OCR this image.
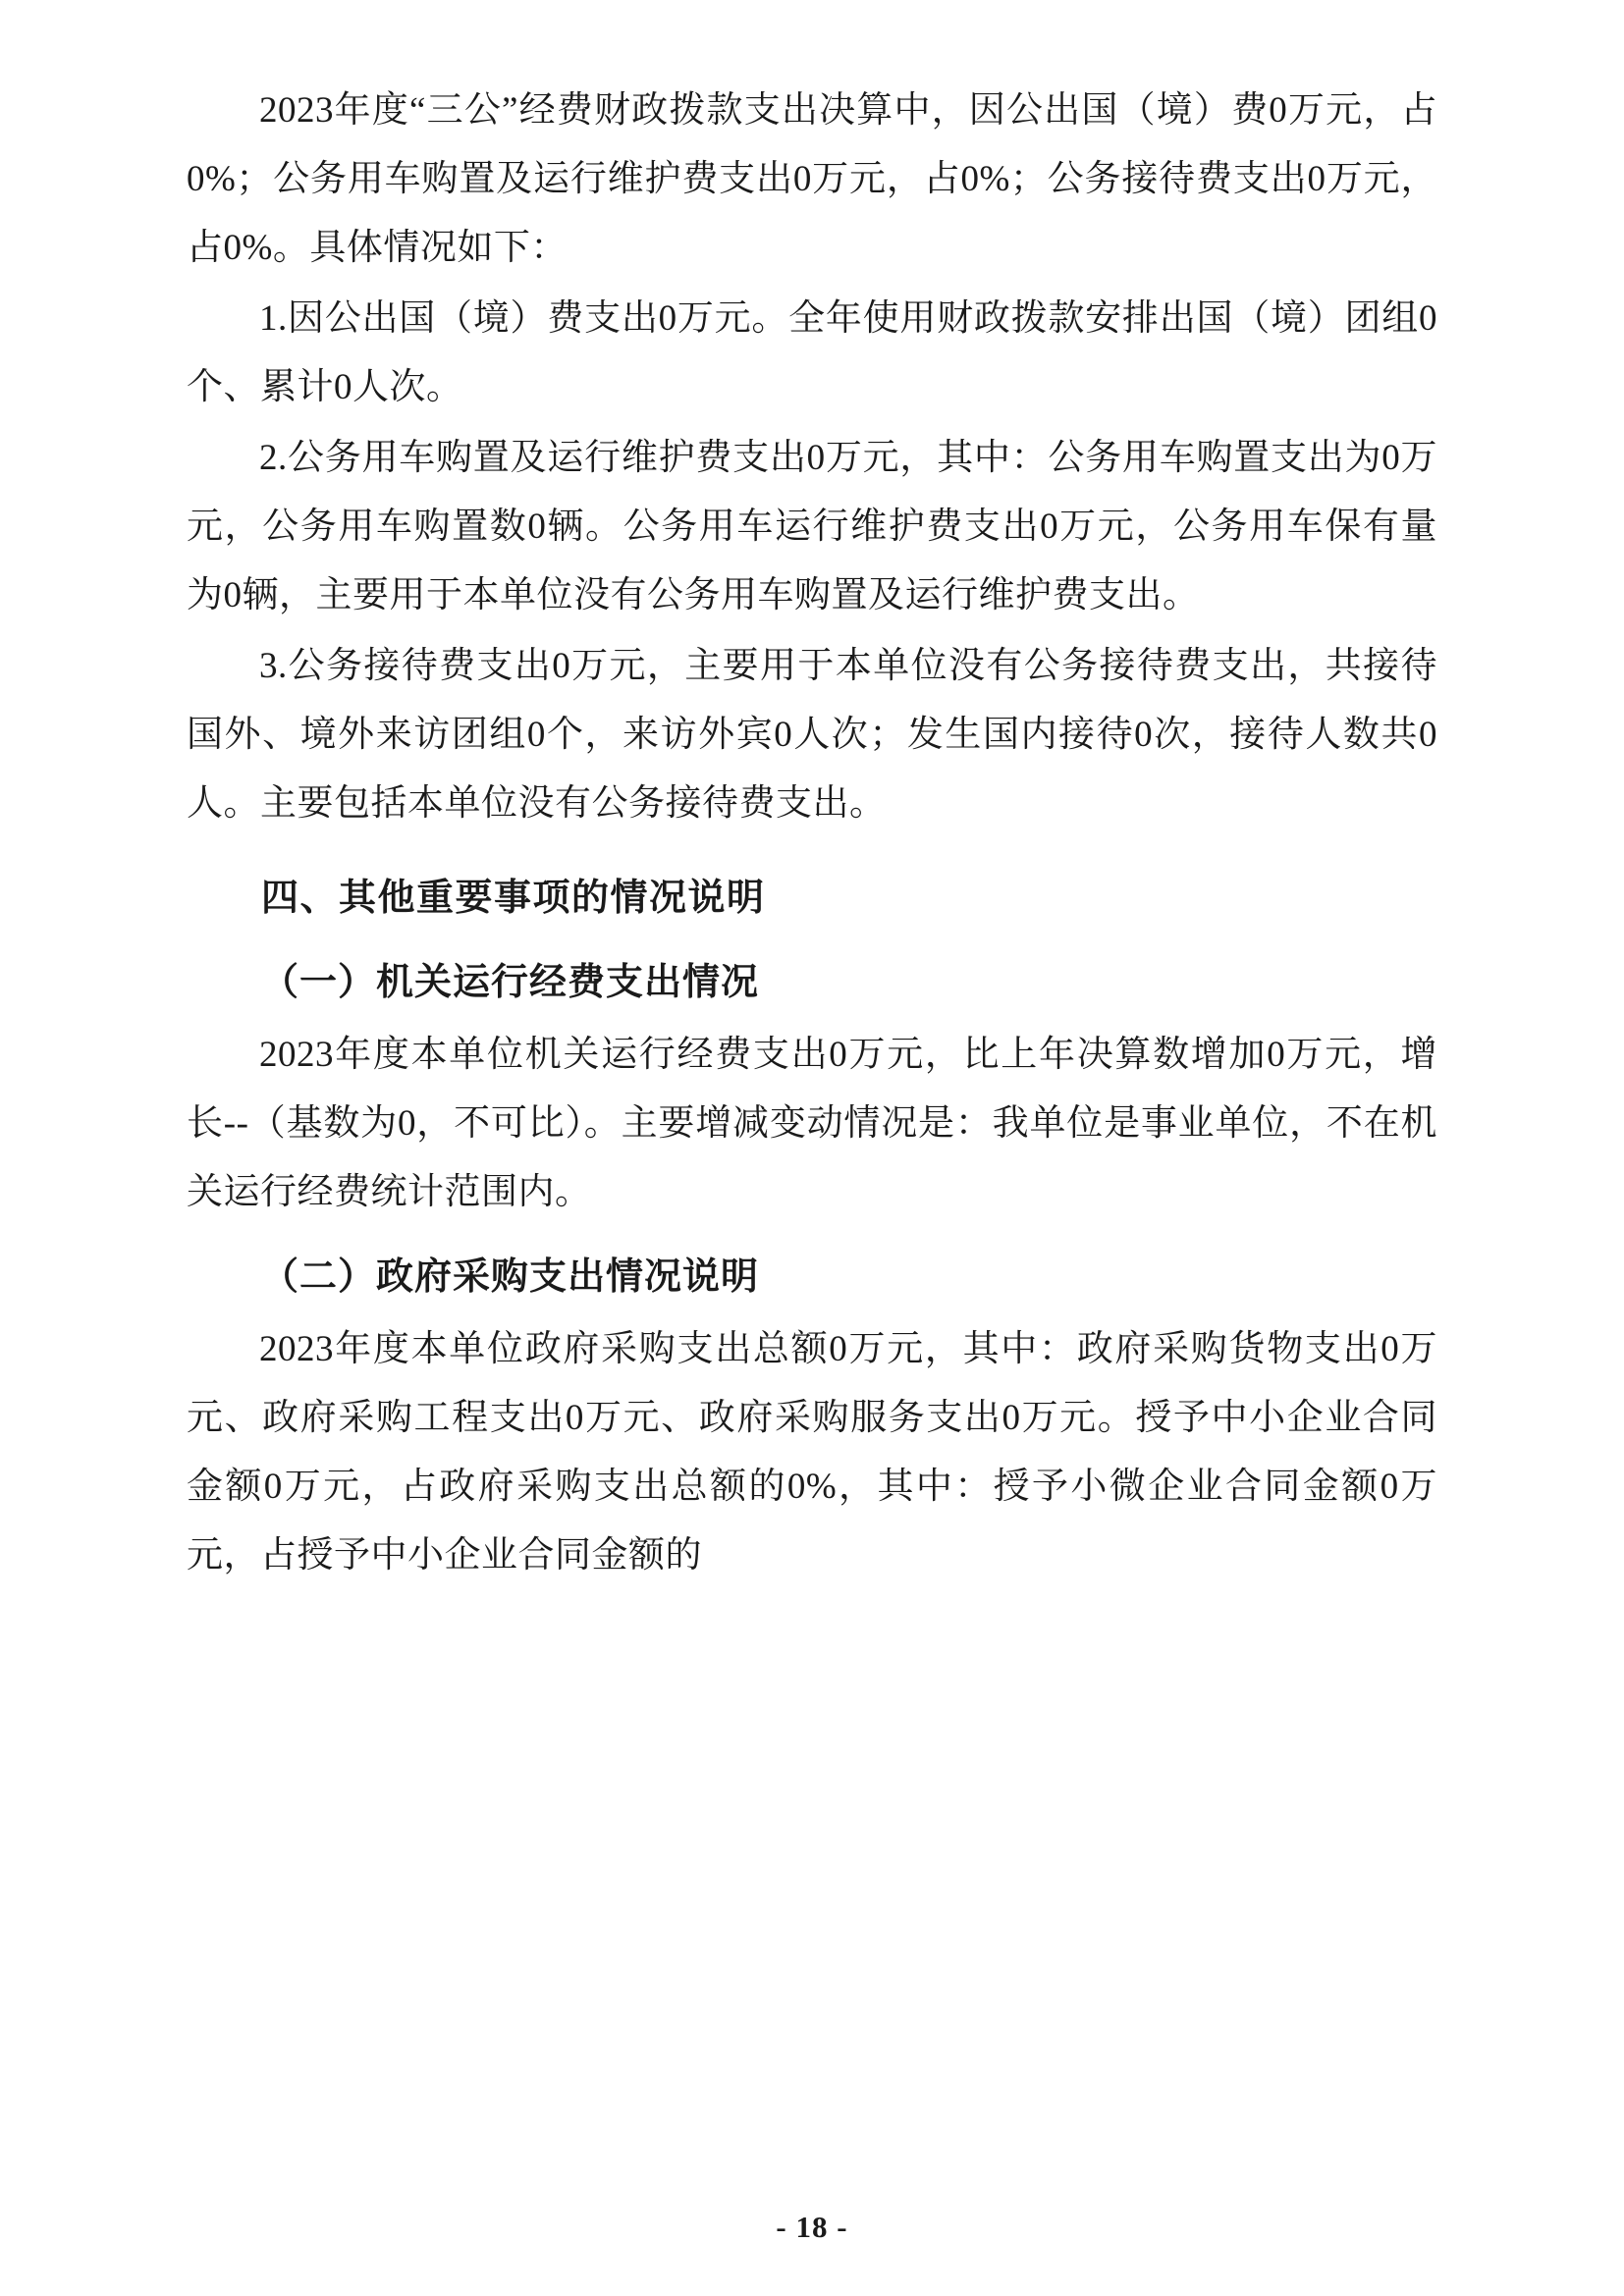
2023年度“三公”经费财政拨款支出决算中，因公出国（境）费0万元，占0%；公务用车购置及运行维护费支出0万元，占0%；公务接待费支出0万元，占0%。具体情况如下：

1.因公出国（境）费支出0万元。全年使用财政拨款安排出国（境）团组0个、累计0人次。

2.公务用车购置及运行维护费支出0万元，其中：公务用车购置支出为0万元，公务用车购置数0辆。公务用车运行维护费支出0万元，公务用车保有量为0辆，主要用于本单位没有公务用车购置及运行维护费支出。

3.公务接待费支出0万元，主要用于本单位没有公务接待费支出，共接待国外、境外来访团组0个，来访外宾0人次；发生国内接待0次，接待人数共0人。主要包括本单位没有公务接待费支出。

四、其他重要事项的情况说明
（一）机关运行经费支出情况

2023年度本单位机关运行经费支出0万元，比上年决算数增加0万元，增长--（基数为0，不可比）。主要增减变动情况是：我单位是事业单位，不在机关运行经费统计范围内。

（二）政府采购支出情况说明

2023年度本单位政府采购支出总额0万元，其中：政府采购货物支出0万元、政府采购工程支出0万元、政府采购服务支出0万元。授予中小企业合同金额0万元，占政府采购支出总额的0%，其中：授予小微企业合同金额0万元，占授予中小企业合同金额的

- 18 -
